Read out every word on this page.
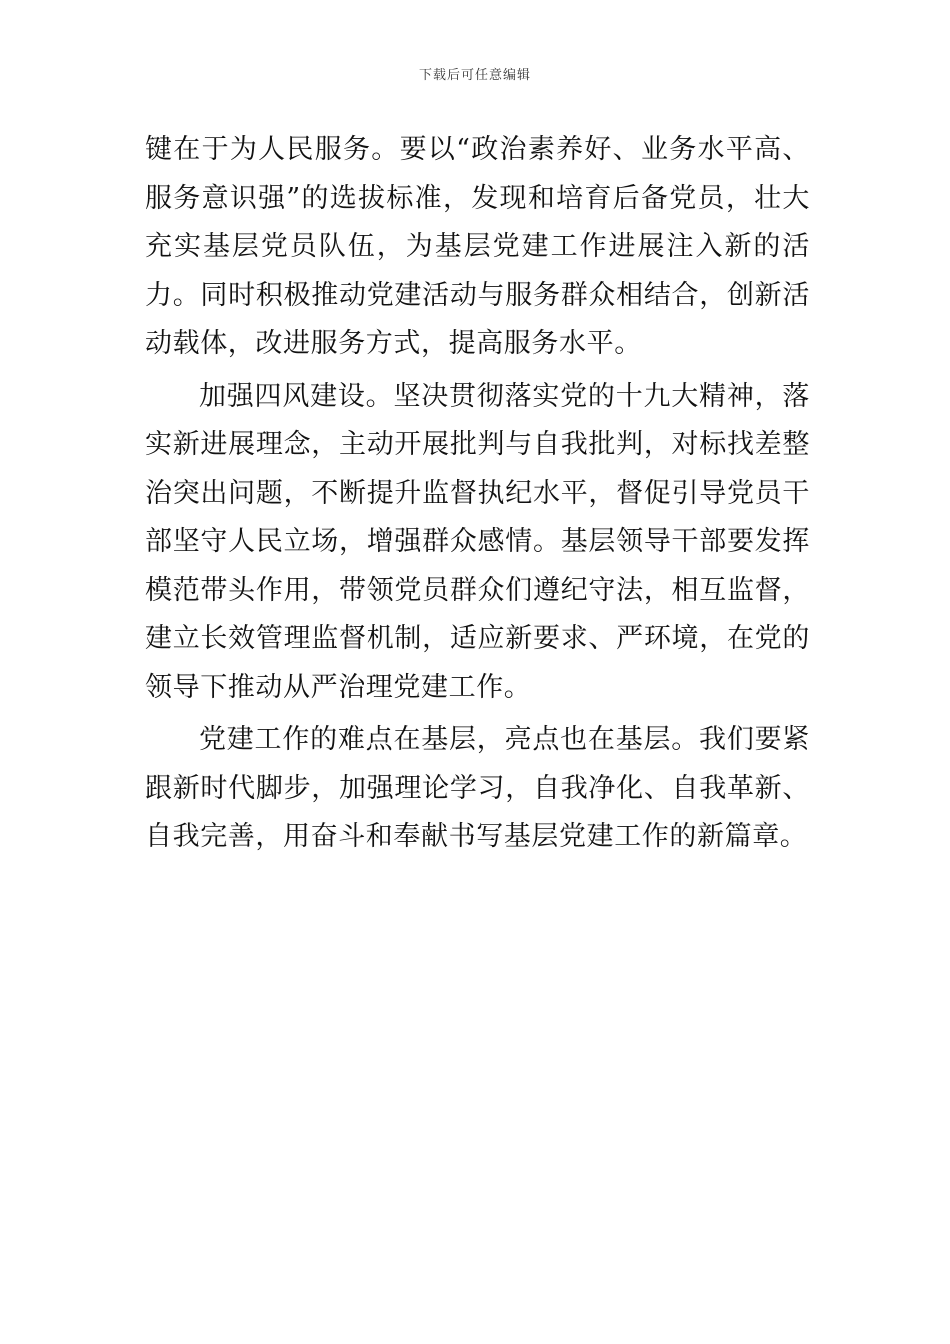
下载后可任意编辑

键在于为人民服务。要以“政治素养好、业务水平高、服务意识强”的选拔标准，发现和培育后备党员，壮大充实基层党员队伍，为基层党建工作进展注入新的活力。同时积极推动党建活动与服务群众相结合，创新活动载体，改进服务方式，提高服务水平。

加强四风建设。坚决贯彻落实党的十九大精神，落实新进展理念，主动开展批判与自我批判，对标找差整治突出问题，不断提升监督执纪水平，督促引导党员干部坚守人民立场，增强群众感情。基层领导干部要发挥模范带头作用，带领党员群众们遵纪守法，相互监督，建立长效管理监督机制，适应新要求、严环境，在党的领导下推动从严治理党建工作。

党建工作的难点在基层，亮点也在基层。我们要紧跟新时代脚步，加强理论学习，自我净化、自我革新、自我完善，用奋斗和奉献书写基层党建工作的新篇章。
